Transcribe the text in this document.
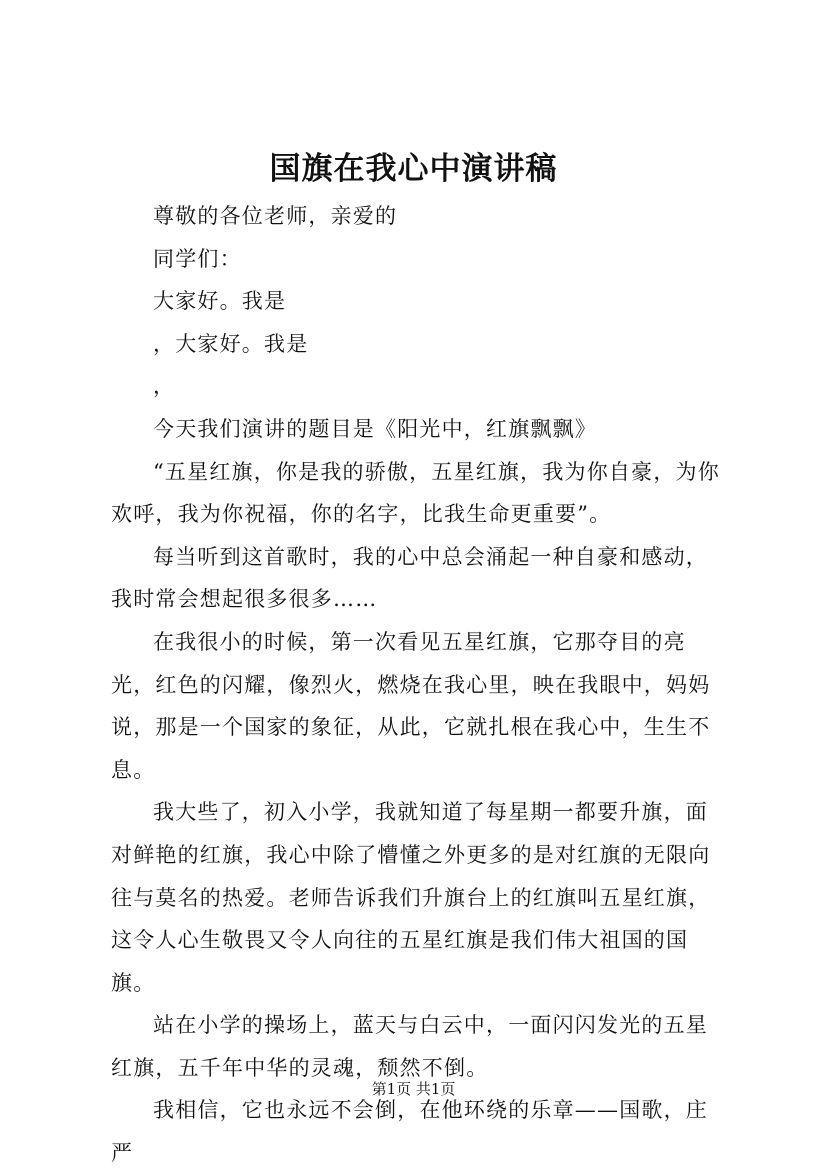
国旗在我心中演讲稿

尊敬的各位老师，亲爱的

同学们：

大家好。我是

，大家好。我是

，

今天我们演讲的题目是《阳光中，红旗飘飘》

“五星红旗，你是我的骄傲，五星红旗，我为你自豪，为你欢呼，我为你祝福，你的名字，比我生命更重要”。

每当听到这首歌时，我的心中总会涌起一种自豪和感动，我时常会想起很多很多……

在我很小的时候，第一次看见五星红旗，它那夺目的亮光，红色的闪耀，像烈火，燃烧在我心里，映在我眼中，妈妈说，那是一个国家的象征，从此，它就扎根在我心中，生生不息。

我大些了，初入小学，我就知道了每星期一都要升旗，面对鲜艳的红旗，我心中除了懵懂之外更多的是对红旗的无限向往与莫名的热爱。老师告诉我们升旗台上的红旗叫五星红旗，这令人心生敬畏又令人向往的五星红旗是我们伟大祖国的国旗。

站在小学的操场上，蓝天与白云中，一面闪闪发光的五星红旗，五千年中华的灵魂，颓然不倒。

我相信，它也永远不会倒，在他环绕的乐章——国歌，庄严

第1页 共1页
